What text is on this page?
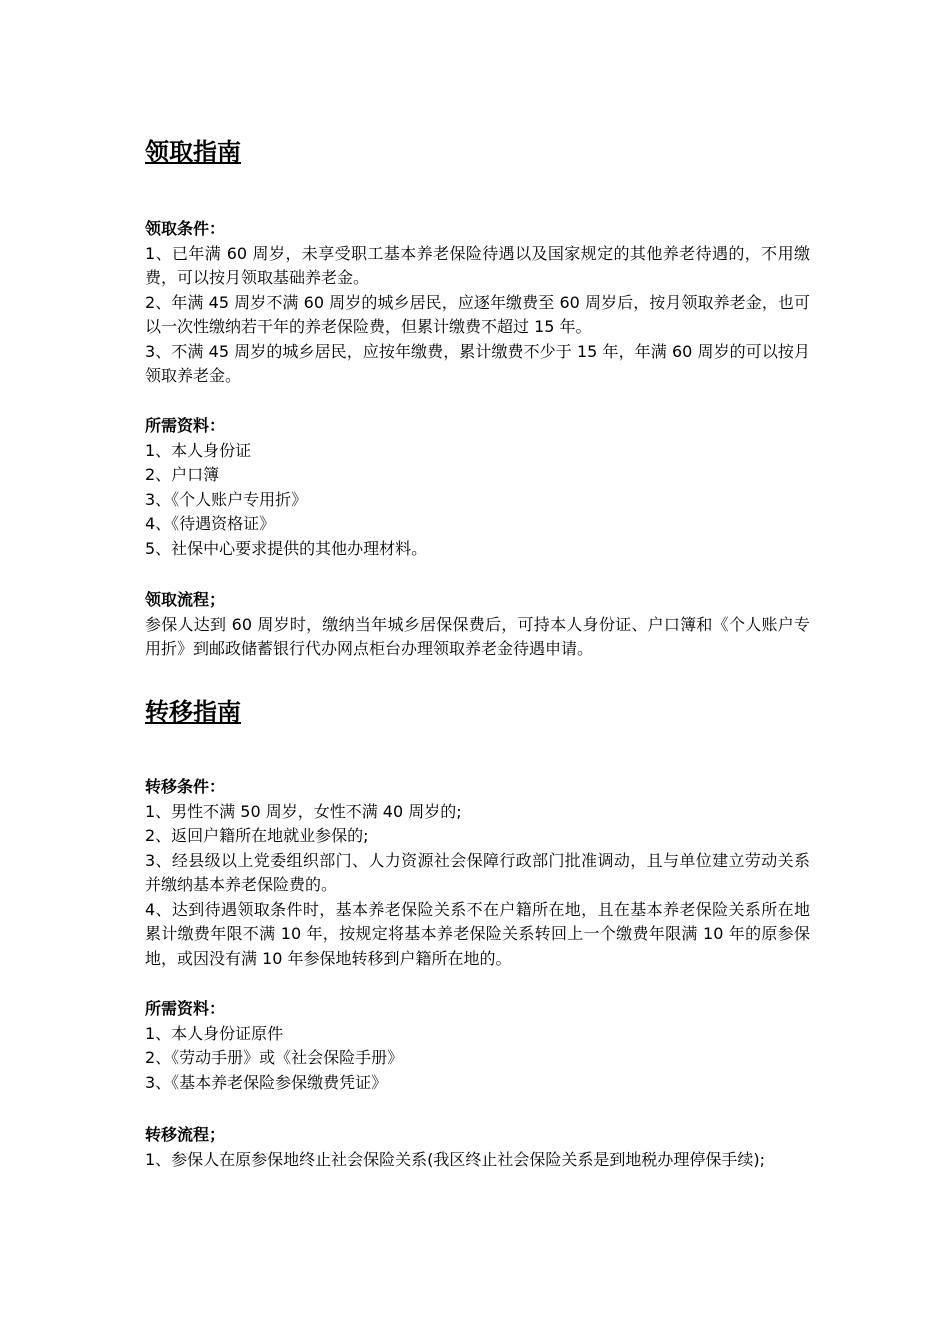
领取指南

领取条件：

1、已年满 60 周岁，未享受职工基本养老保险待遇以及国家规定的其他养老待遇的，不用缴费，可以按月领取基础养老金。

2、年满 45 周岁不满 60 周岁的城乡居民，应逐年缴费至 60 周岁后，按月领取养老金，也可以一次性缴纳若干年的养老保险费，但累计缴费不超过 15 年。

3、不满 45 周岁的城乡居民，应按年缴费，累计缴费不少于 15 年，年满 60 周岁的可以按月领取养老金。

所需资料：

1、本人身份证

2、户口簿

3、《个人账户专用折》

4、《待遇资格证》

5、社保中心要求提供的其他办理材料。

领取流程；

参保人达到 60 周岁时，缴纳当年城乡居保保费后，可持本人身份证、户口簿和《个人账户专用折》到邮政储蓄银行代办网点柜台办理领取养老金待遇申请。

转移指南

转移条件：

1、男性不满 50 周岁，女性不满 40 周岁的;

2、返回户籍所在地就业参保的;

3、经县级以上党委组织部门、人力资源社会保障行政部门批准调动，且与单位建立劳动关系并缴纳基本养老保险费的。

4、达到待遇领取条件时，基本养老保险关系不在户籍所在地，且在基本养老保险关系所在地累计缴费年限不满 10 年，按规定将基本养老保险关系转回上一个缴费年限满 10 年的原参保地，或因没有满 10 年参保地转移到户籍所在地的。

所需资料：

1、本人身份证原件

2、《劳动手册》或《社会保险手册》

3、《基本养老保险参保缴费凭证》

转移流程；

1、参保人在原参保地终止社会保险关系(我区终止社会保险关系是到地税办理停保手续);
